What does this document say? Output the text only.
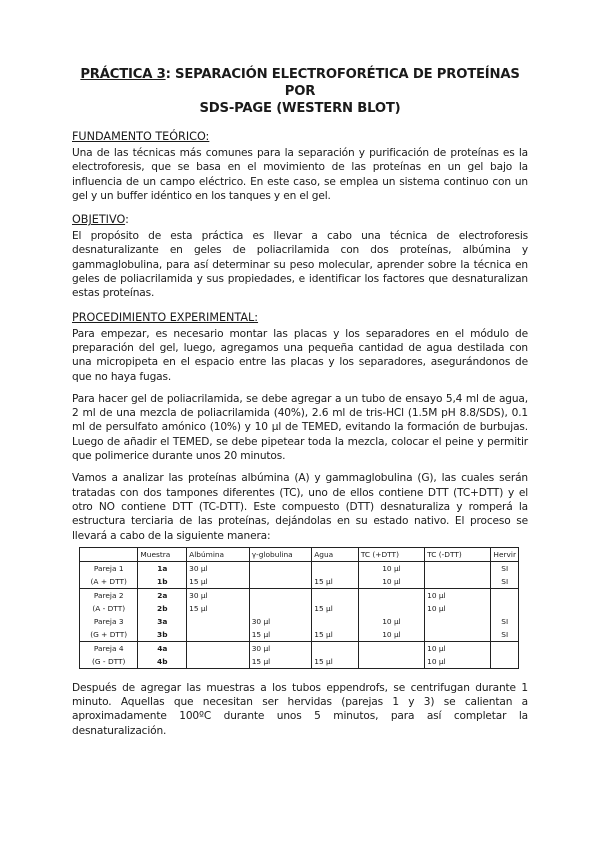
PRÁCTICA 3: SEPARACIÓN ELECTROFORÉTICA DE PROTEÍNAS POR
SDS-PAGE (WESTERN BLOT)
FUNDAMENTO TEÓRICO:

Una de las técnicas más comunes para la separación y purificación de proteínas es la electroforesis, que se basa en el movimiento de las proteínas en un gel bajo la influencia de un campo eléctrico. En este caso, se emplea un sistema continuo con un gel y un buffer idéntico en los tanques y en el gel.

OBJETIVO:

El propósito de esta práctica es llevar a cabo una técnica de electroforesis desnaturalizante en geles de poliacrilamida con dos proteínas, albúmina y gammaglobulina, para así determinar su peso molecular, aprender sobre la técnica en geles de poliacrilamida y sus propiedades, e identificar los factores que desnaturalizan estas proteínas.

PROCEDIMIENTO EXPERIMENTAL:

Para empezar, es necesario montar las placas y los separadores en el módulo de preparación del gel, luego, agregamos una pequeña cantidad de agua destilada con una micropipeta en el espacio entre las placas y los separadores, asegurándonos de que no haya fugas.

Para hacer gel de poliacrilamida, se debe agregar a un tubo de ensayo 5,4 ml de agua, 2 ml de una mezcla de poliacrilamida (40%), 2.6 ml de tris-HCl (1.5M pH 8.8/SDS), 0.1 ml de persulfato amónico (10%) y 10 µl de TEMED, evitando la formación de burbujas. Luego de añadir el TEMED, se debe pipetear toda la mezcla, colocar el peine y permitir que polimerice durante unos 20 minutos.

Vamos a analizar las proteínas albúmina (A) y gammaglobulina (G), las cuales serán tratadas con dos tampones diferentes (TC), uno de ellos contiene DTT (TC+DTT) y el otro NO contiene DTT (TC-DTT). Este compuesto (DTT) desnaturaliza y romperá la estructura terciaria de las proteínas, dejándolas en su estado nativo. El proceso se llevará a cabo de la siguiente manera:

	Muestra	Albúmina	γ-globulina	Agua	TC (+DTT)	TC (-DTT)	Hervir
Pareja 1	1a	30 µl			10 µl		SI
(A + DTT)	1b	15 µl		15 µl	10 µl		SI
Pareja 2	2a	30 µl				10 µl	
(A - DTT)	2b	15 µl		15 µl		10 µl	
Pareja 3	3a		30 µl		10 µl		SI
(G + DTT)	3b		15 µl	15 µl	10 µl		SI
Pareja 4	4a		30 µl			10 µl	
(G - DTT)	4b		15 µl	15 µl		10 µl	

Después de agregar las muestras a los tubos eppendrofs, se centrifugan durante 1 minuto. Aquellas que necesitan ser hervidas (parejas 1 y 3) se calientan a aproximadamente 100ºC durante unos 5 minutos, para así completar la desnaturalización.
